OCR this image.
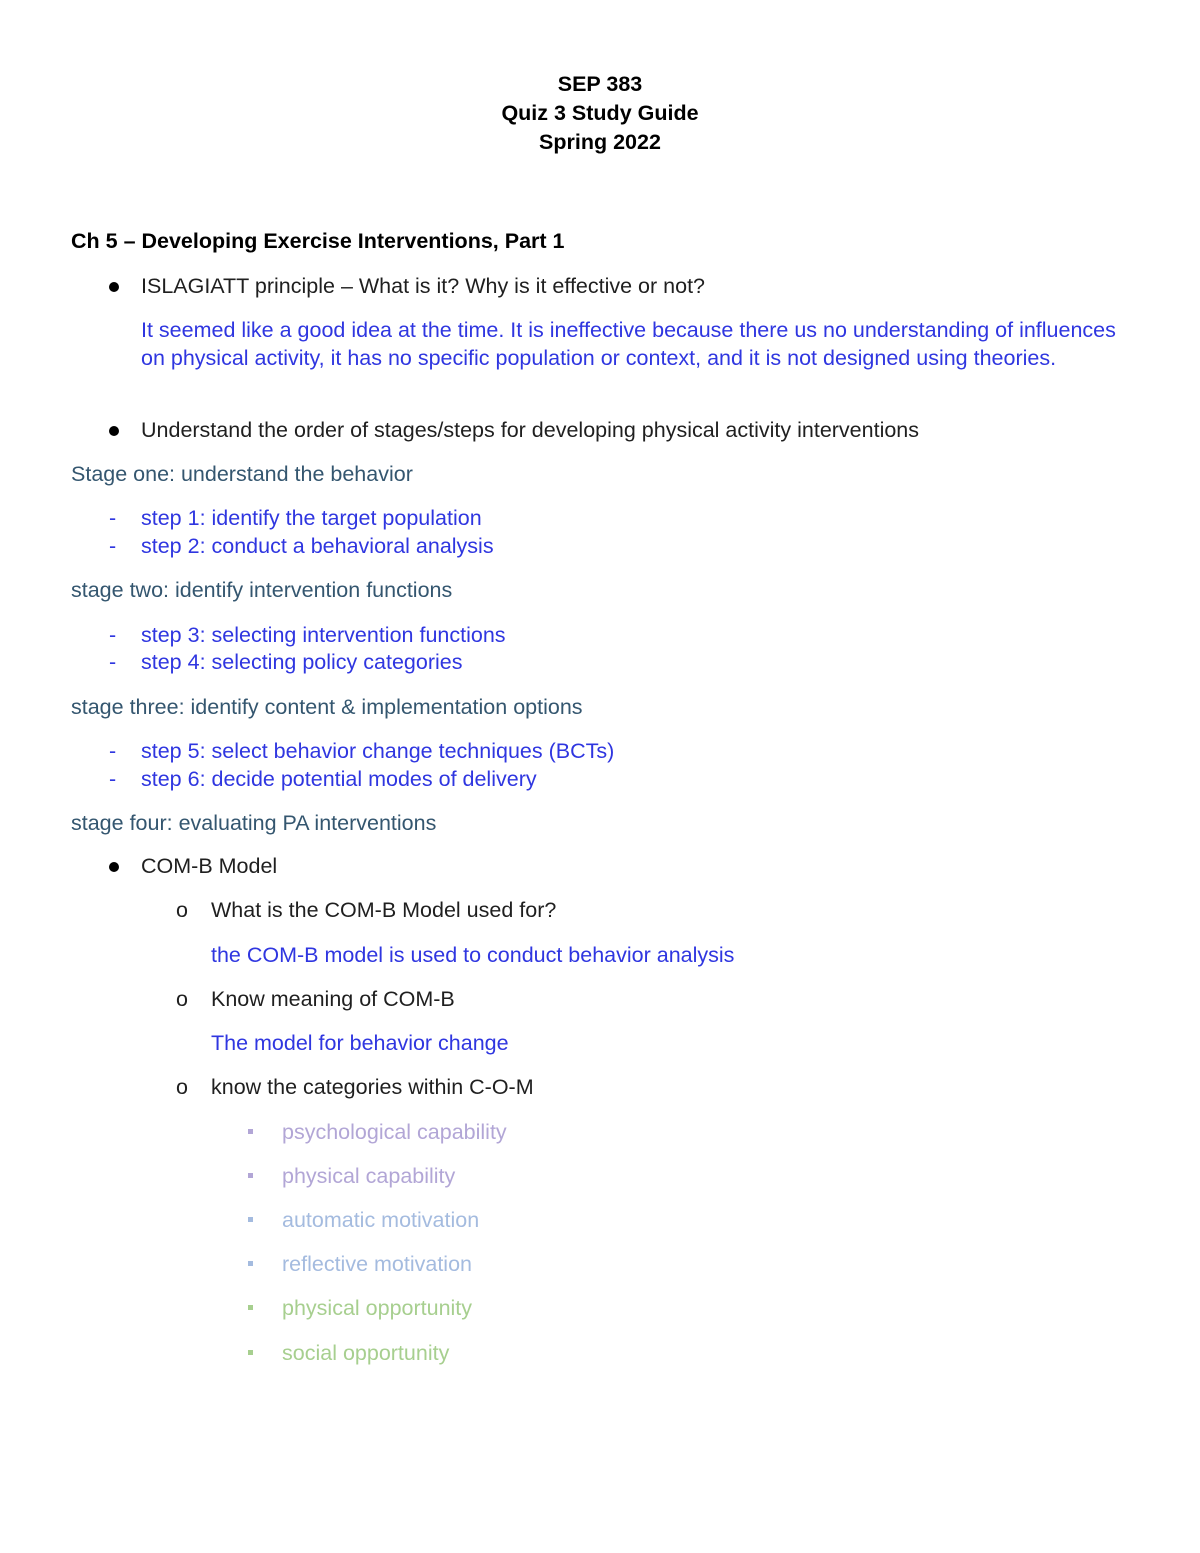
SEP 383
Quiz 3 Study Guide
Spring 2022
Ch 5 – Developing Exercise Interventions, Part 1
ISLAGIATT principle – What is it? Why is it effective or not?
It seemed like a good idea at the time. It is ineffective because there us no understanding of influences on physical activity, it has no specific population or context, and it is not designed using theories.
Understand the order of stages/steps for developing physical activity interventions
Stage one: understand the behavior
- step 1: identify the target population
- step 2: conduct a behavioral analysis
stage two: identify intervention functions
- step 3: selecting intervention functions
- step 4: selecting policy categories
stage three: identify content & implementation options
- step 5: select behavior change techniques (BCTs)
- step 6: decide potential modes of delivery
stage four: evaluating PA interventions
COM-B Model
o What is the COM-B Model used for?
the COM-B model is used to conduct behavior analysis
o Know meaning of COM-B
The model for behavior change
o know the categories within C-O-M
psychological capability
physical capability
automatic motivation
reflective motivation
physical opportunity
social opportunity
